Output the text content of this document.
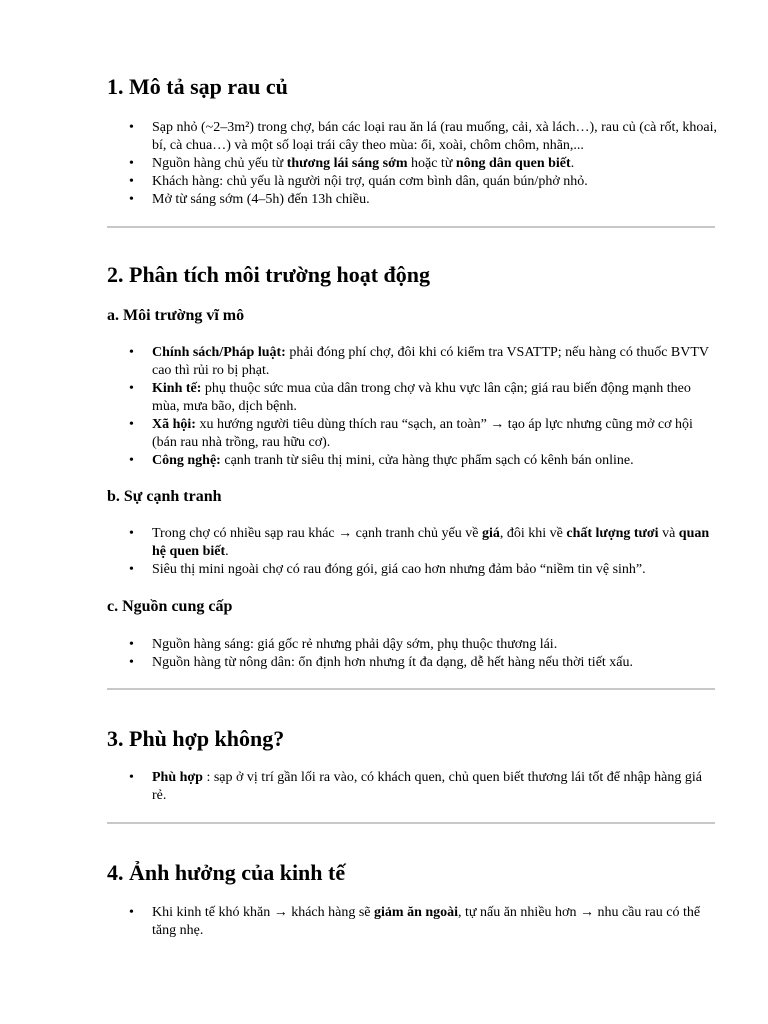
1. Mô tả sạp rau củ
• Sạp nhỏ (~2–3m²) trong chợ, bán các loại rau ăn lá (rau muống, cải, xà lách…), rau củ (cà rốt, khoai, bí, cà chua…) và một số loại trái cây theo mùa: ổi, xoài, chôm chôm, nhãn,...
• Nguồn hàng chủ yếu từ thương lái sáng sớm hoặc từ nông dân quen biết.
• Khách hàng: chủ yếu là người nội trợ, quán cơm bình dân, quán bún/phở nhỏ.
• Mở từ sáng sớm (4–5h) đến 13h chiều.
2. Phân tích môi trường hoạt động
a. Môi trường vĩ mô
• Chính sách/Pháp luật: phải đóng phí chợ, đôi khi có kiểm tra VSATTP; nếu hàng có thuốc BVTV cao thì rủi ro bị phạt.
• Kinh tế: phụ thuộc sức mua của dân trong chợ và khu vực lân cận; giá rau biến động mạnh theo mùa, mưa bão, dịch bệnh.
• Xã hội: xu hướng người tiêu dùng thích rau “sạch, an toàn” → tạo áp lực nhưng cũng mở cơ hội (bán rau nhà trồng, rau hữu cơ).
• Công nghệ: cạnh tranh từ siêu thị mini, cửa hàng thực phẩm sạch có kênh bán online.
b. Sự cạnh tranh
• Trong chợ có nhiều sạp rau khác → cạnh tranh chủ yếu về giá, đôi khi về chất lượng tươi và quan hệ quen biết.
• Siêu thị mini ngoài chợ có rau đóng gói, giá cao hơn nhưng đảm bảo “niềm tin vệ sinh”.
c. Nguồn cung cấp
• Nguồn hàng sáng: giá gốc rẻ nhưng phải dậy sớm, phụ thuộc thương lái.
• Nguồn hàng từ nông dân: ổn định hơn nhưng ít đa dạng, dễ hết hàng nếu thời tiết xấu.
3. Phù hợp không?
• Phù hợp : sạp ở vị trí gần lối ra vào, có khách quen, chủ quen biết thương lái tốt để nhập hàng giá rẻ.
4. Ảnh hưởng của kinh tế
• Khi kinh tế khó khăn → khách hàng sẽ giảm ăn ngoài, tự nấu ăn nhiều hơn → nhu cầu rau có thể tăng nhẹ.
